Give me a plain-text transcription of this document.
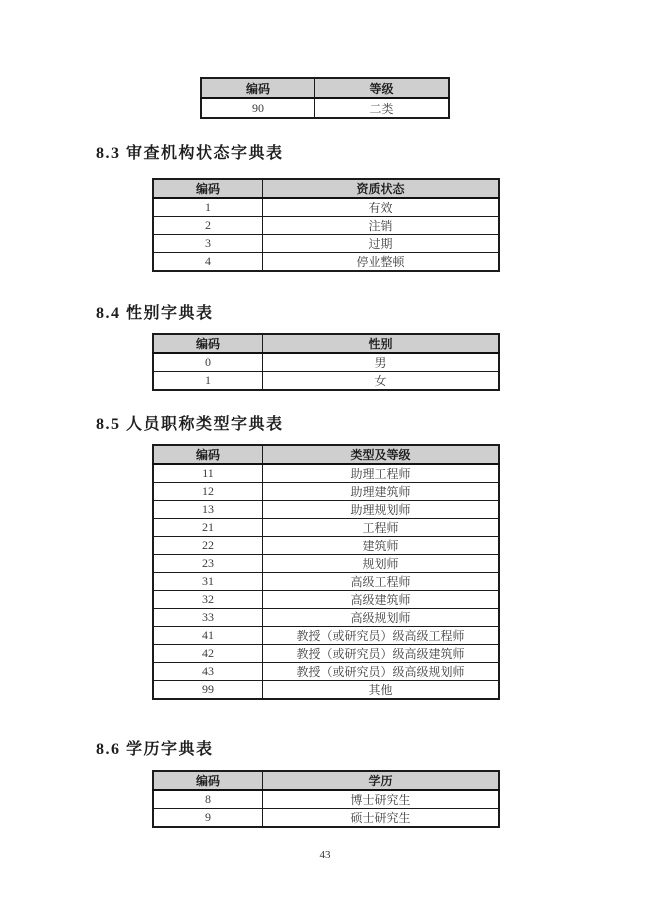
编码	等级
90	二类
8.3 审查机构状态字典表
编码	资质状态
1	有效
2	注销
3	过期
4	停业整顿
8.4 性别字典表
编码	性别
0	男
1	女
8.5 人员职称类型字典表
编码	类型及等级
11	助理工程师
12	助理建筑师
13	助理规划师
21	工程师
22	建筑师
23	规划师
31	高级工程师
32	高级建筑师
33	高级规划师
41	教授（或研究员）级高级工程师
42	教授（或研究员）级高级建筑师
43	教授（或研究员）级高级规划师
99	其他
8.6 学历字典表
编码	学历
8	博士研究生
9	硕士研究生
43
